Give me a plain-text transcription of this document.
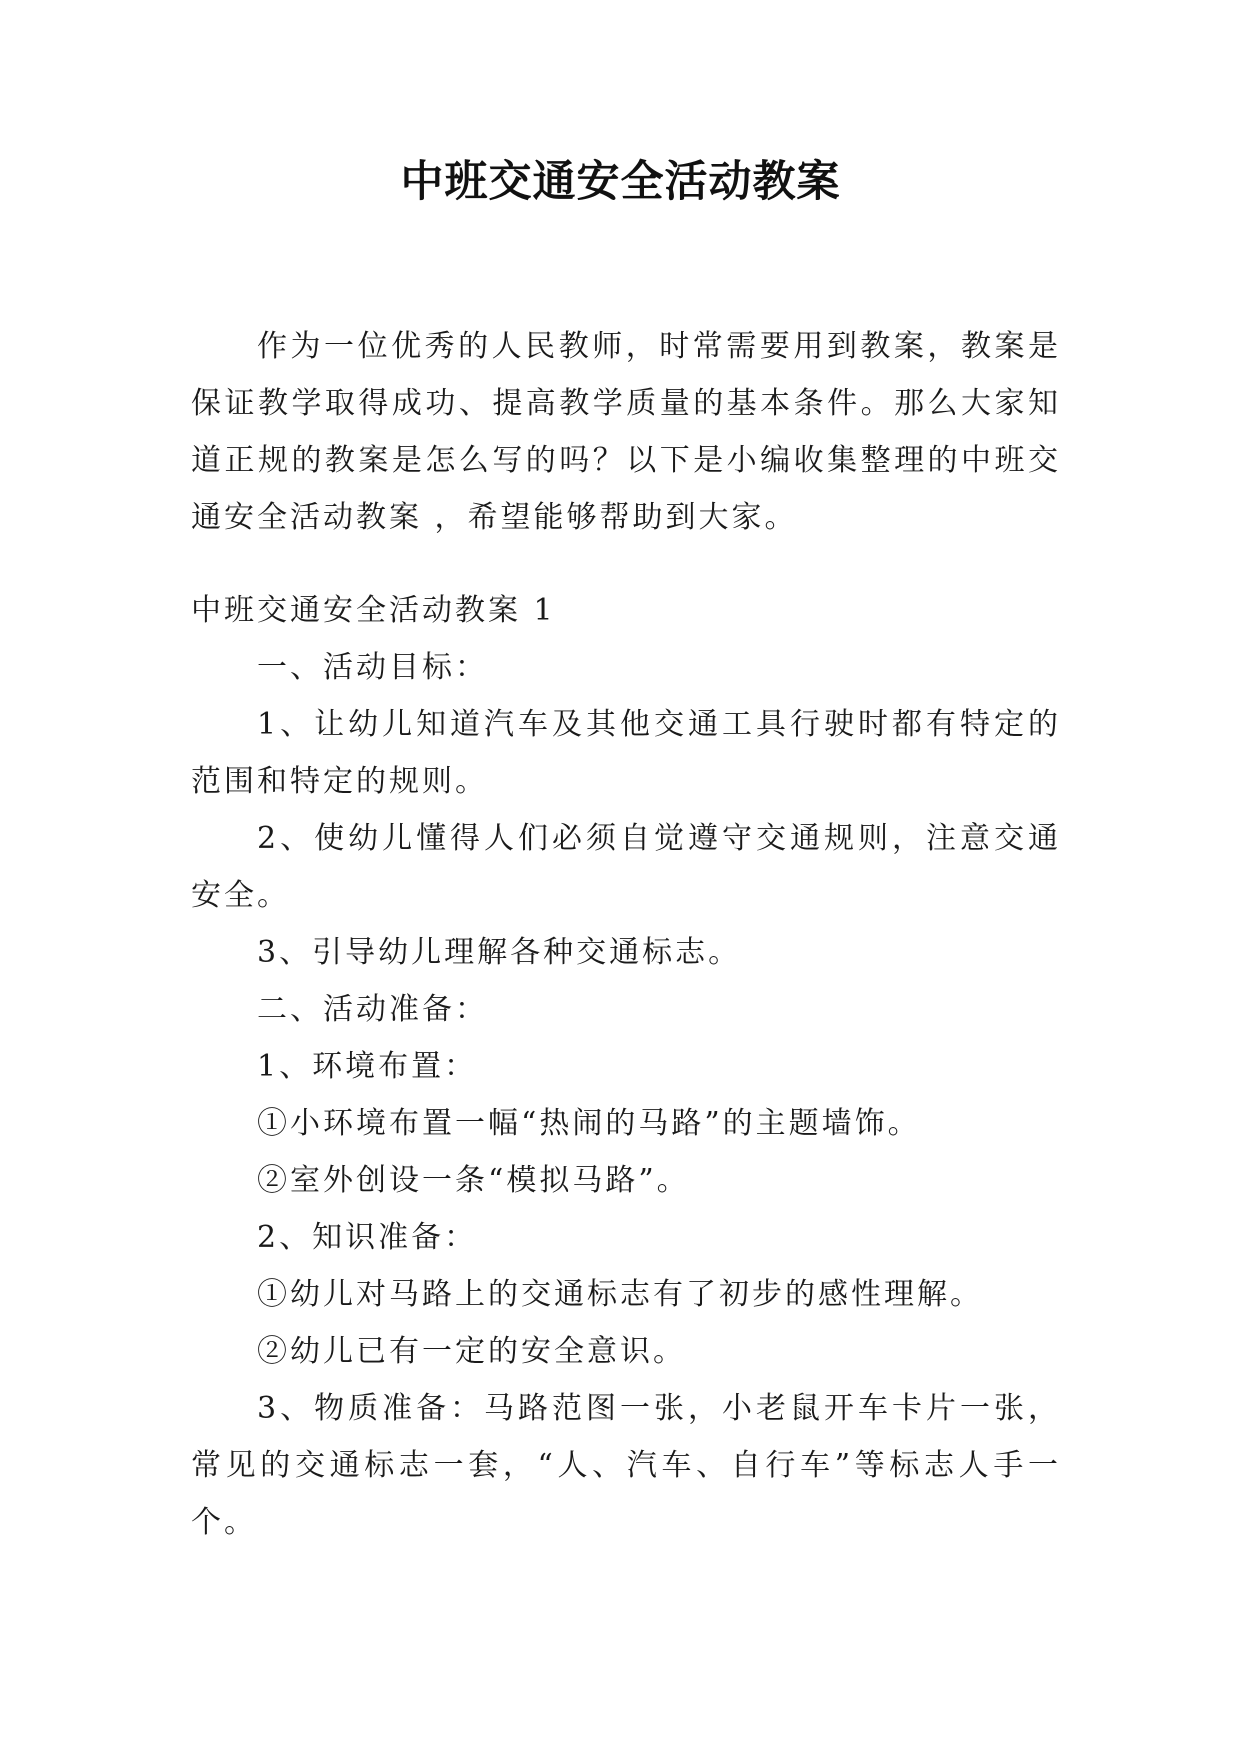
中班交通安全活动教案

作为一位优秀的人民教师，时常需要用到教案，教案是保证教学取得成功、提高教学质量的基本条件。那么大家知道正规的教案是怎么写的吗？以下是小编收集整理的中班交通安全活动教案 ，希望能够帮助到大家。

中班交通安全活动教案 1

一、活动目标：

1、让幼儿知道汽车及其他交通工具行驶时都有特定的范围和特定的规则。

2、使幼儿懂得人们必须自觉遵守交通规则，注意交通安全。

3、引导幼儿理解各种交通标志。

二、活动准备：

1、环境布置：

①小环境布置一幅“热闹的马路”的主题墙饰。

②室外创设一条“模拟马路”。

2、知识准备：

①幼儿对马路上的交通标志有了初步的感性理解。

②幼儿已有一定的安全意识。

3、物质准备：马路范图一张，小老鼠开车卡片一张，常见的交通标志一套，“人、汽车、自行车”等标志人手一个。
